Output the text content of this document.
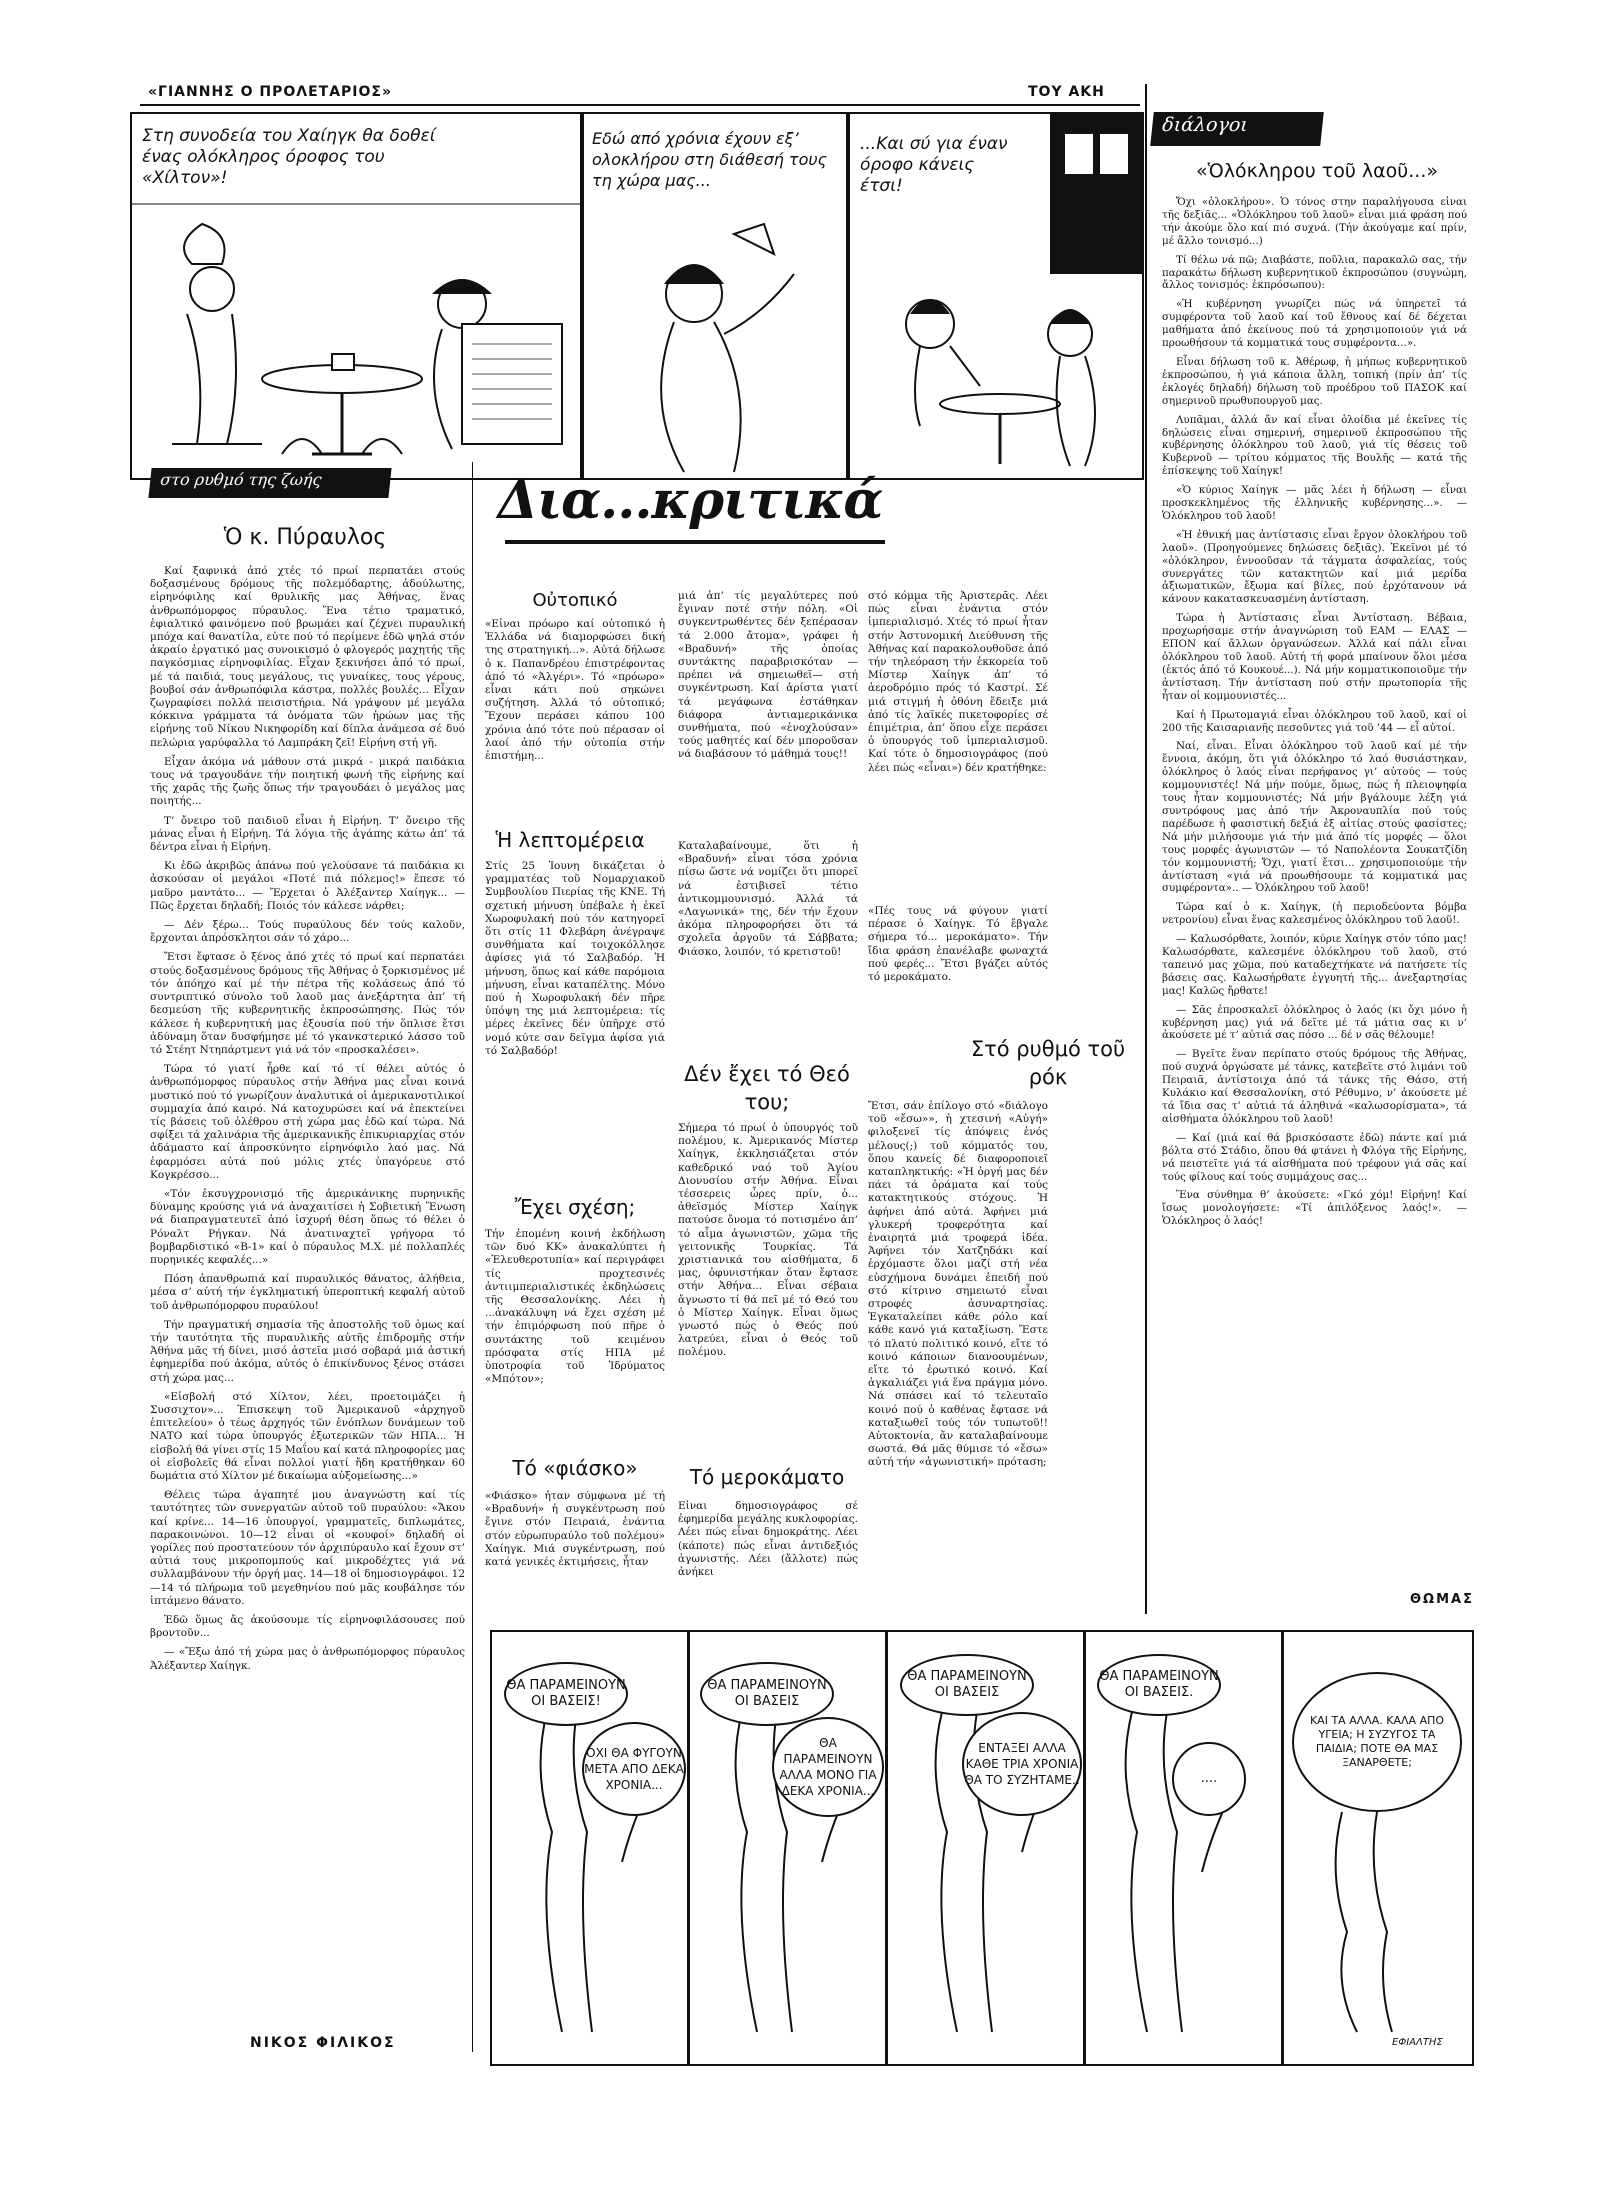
«ΓΙΑΝΝΗΣ Ο ΠΡΟΛΕΤΑΡΙΟΣ»	ΤΟΥ ΑΚΗ
Στη συνοδεία του Χαίηγκ θα δοθεί ένας ολόκληρος όροφος του «Χίλτον»!
Εδώ από χρόνια έχουν εξ’ ολοκλήρου στη διάθεσή τους τη χώρα μας...
...Και σύ για έναν όροφο κάνεις έτσι!
διάλογοι
στο ρυθμό της ζωής
Ὁ κ. Πύραυλος

Καί ξαφνικά ἀπό χτές τό πρωί περπατάει στούς δοξασμένους δρόμους τῆς πολεμόδαρτης, ἀδούλωτης, εἰρηνόφιλης καί θρυλικῆς μας Ἀθήνας, ἕνας ἀνθρωπόμορφος πύραυλος. Ἕνα τέτιο τραματικό, ἐφιαλτικό φαινόμενο πού βρωμάει καί ζέχνει πυραυλική μπόχα καί θανατίλα, εὐτε πού τό περίμενε ἐδῶ ψηλά στόν ἀκραίο ἐργατικό μας συνοικισμό ὁ φλογερός μαχητής τῆς παγκόσμιας εἰρηνοφιλίας. Εἶχαν ξεκινήσει ἀπό τό πρωί, μέ τά παιδιά, τους μεγάλους, τις γυναίκες, τους γέρους, βουβοί σάν ἀνθρωπόφιλα κάστρα, πολλές βουλές... Εἶχαν ζωγραφίσει πολλά πεισιστήρια. Νά γράψουν μέ μεγάλα κόκκινα γράμματα τά ὀνόματα τῶν ἡρώων μας τῆς εἰρήνης τοῦ Νίκου Νικηφορίδη καί δίπλα ἀνάμεσα σέ δυό πελώρια γαρύφαλλα τό Λαμπράκη ζεῖ! Εἰρήνη στή γῆ.

Εἶχαν ἀκόμα νά μάθουν στά μικρά - μικρά παιδάκια τους νά τραγουδάνε τήν ποιητική φωνή τῆς εἰρήνης καί τῆς χαρᾶς τῆς ζωῆς ὅπως τήν τραγουδάει ὁ μεγάλος μας ποιητής...

Τ’ ὄνειρο τοῦ παιδιοῦ εἶναι ἡ Εἰρήνη. Τ’ ὄνειρο τῆς μάνας εἶναι ἡ Εἰρήνη. Τά λόγια τῆς ἀγάπης κάτω ἀπ’ τά δέντρα εἶναι ἡ Εἰρήνη.

Κι ἐδῶ ἀκριβῶς ἀπάνω πού γελούσανε τά παιδάκια κι ἀσκούσαν οἱ μεγάλοι «Ποτέ πιά πόλεμος!» ἔπεσε τό μαῦρο μαντάτο... — Ἔρχεται ὁ Ἀλέξαντερ Χαίηγκ... — Πῶς ἔρχεται δηλαδή; Ποιός τόν κάλεσε νάρθει;

— Δέν ξέρω... Τούς πυραύλους δέν τούς καλοῦν, ἔρχονται ἀπρόσκλητοι σάν τό χάρο...

Ἔτσι ἔφτασε ὁ ξένος ἀπό χτές τό πρωί καί περπατάει στούς δοξασμένους δρόμους τῆς Ἀθήνας ὁ ξορκισμένος μέ τόν ἀπόηχο καί μέ τήν πέτρα τῆς κολάσεως ἀπό τό συντριπτικό σύνολο τοῦ λαοῦ μας ἀνεξάρτητα ἀπ’ τή δεσμεύση τῆς κυβερνητικῆς ἐκπροσώπησης. Πώς τόν κάλεσε ἡ κυβερνητική μας ἐξουσία πού τήν ὅπλισε ἔτσι ἀδύναμη ὅταν δυσφήμησε μέ τό γκανκστερικό λάσσο τοῦ τό Στέητ Ντηπάρτμεντ γιά νά τόν «προσκαλέσει».

Τώρα τό γιατί ἦρθε καί τό τί θέλει αὐτός ὁ ἀνθρωπόμορφος πύραυλος στήν Ἀθήνα μας εἶναι κοινά μυστικό πού τό γνωρίζουν ἀναλυτικά οἱ ἀμερικανοτιλικοί συμμαχία ἀπό καιρό. Νά κατοχυρώσει καί νά ἐπεκτείνει τίς βάσεις τοῦ ὀλέθρου στή χώρα μας ἐδῶ καί τώρα. Νά σφίξει τά χαλινάρια τῆς ἀμερικανικῆς ἐπικυριαρχίας στόν ἀδάμαστο καί ἀπροσκύνητο εἰρηνόφιλο λαό μας. Νά ἐφαρμόσει αὐτά πού μόλις χτές ὑπαγόρευε στό Κογκρέσσο...

«Τόν ἐκσυγχρονισμό τῆς ἀμερικάνικης πυρηνικῆς δύναμης κρούσης γιά νά ἀναχαιτίσει ἡ Σοβιετική Ἕνωση νά διαπραγματευτεῖ ἀπό ἰσχυρή θέση ὅπως τό θέλει ὁ Ρόναλτ Ρήγκαν. Νά ἀνατιναχτεῖ γρήγορα τό βομβαρδιστικό «Β-1» καί ὁ πύραυλος Μ.Χ. μέ πολλαπλές πυρηνικές κεφαλές...»

Πόση ἀπανθρωπιά καί πυραυλικός θάνατος, ἀλήθεια, μέσα σ’ αὐτή τήν ἐγκληματική ὑπεροπτική κεφαλή αὐτοῦ τοῦ ἀνθρωπόμορφου πυραύλου!

Τήν πραγματική σημασία τῆς ἀποστολῆς τοῦ ὁμως καί τήν ταυτότητα τῆς πυραυλικῆς αὐτῆς ἐπιδρομῆς στήν Ἀθήνα μᾶς τή δίνει, μισό ἀστεῖα μισό σοβαρά μιά ἀστική ἐφημερίδα πού ἀκόμα, αὐτός ὁ ἐπικίνδυνος ξένος στάσει στή χώρα μας...

«Εἰσβολή στό Χίλτον, λέει, προετοιμάζει ἡ Συσσιχτον»... Ἐπισκεψη τοῦ Ἀμερικανοῦ «ἀρχηγοῦ ἐπιτελείου» ὁ τέως ἀρχηγός τῶν ἐνόπλων δυνάμεων τοῦ ΝΑΤΟ καί τώρα ὑπουργός ἐξωτερικῶν τῶν ΗΠΑ... Ἡ εἰσβολή θά γίνει στίς 15 Μαΐου καί κατά πληροφορίες μας οἱ εἰσβολεῖς θά εἶναι πολλοί γιατί ἤδη κρατήθηκαν 60 δωμάτια στό Χίλτον μέ δικαίωμα αὐξομείωσης...»

Θέλεις τώρα ἀγαπητέ μου ἀναγνώστη καί τίς ταυτότητες τῶν συνεργατῶν αὐτοῦ τοῦ πυραύλου: «Ἄκου καί κρίνε... 14—16 ὑπουργοί, γραμματεῖς, διπλωμάτες, παρακοινώνοι. 10—12 εἶναι οἱ «κουφοί» δηλαδή οἱ γορίλες πού προστατεύουν τόν ἀρχιπύραυλο καί ἔχουν στ’ αὐτιά τους μικροπομπούς καί μικροδέχτες γιά νά συλλαμβάνουν τήν ὀργή μας. 14—18 οἱ δημοσιογράφοι. 12—14 τό πλήρωμα τοῦ μεγεθηνίου πού μᾶς κουβάλησε τόν ἱπτάμενο θάνατο.

Ἐδῶ ὅμως ἄς ἀκούσουμε τίς εἰρηνοφιλάσουσες πού βροντοῦν...

— «Ἔξω ἀπό τή χώρα μας ὁ ἀνθρωπόμορφος πύραυλος Ἀλέξαντερ Χαίηγκ.

ΝΙΚΟΣ ΦΙΛΙΚΟΣ
Δια...κριτικά
Οὐτοπικό
«Εἶναι πρόωρο καί οὐτοπικό ἡ Ἑλλάδα νά διαμορφώσει δική της στρατηγική...». Αὐτά δήλωσε ὁ κ. Παπανδρέου ἐπιστρέφοντας ἀπό τό «Ἀλγέρι». Τό «πρόωρο» εἶναι κάτι πού σηκώνει συζήτηση. Ἀλλά τό οὐτοπικό; Ἔχουν περάσει κάπου 100 χρόνια ἀπό τότε πού πέρασαν οἱ λαοί ἀπό τήν οὐτοπία στήν ἐπιστήμη...
Ἡ λεπτομέρεια
Στίς 25 Ἰουνη δικάζεται ὁ γραμματέας τοῦ Νομαρχιακοῦ Συμβουλίου Πιερίας τῆς ΚΝΕ. Τή σχετική μήνυση ὑπέβαλε ἡ ἐκεῖ Χωροφυλακή πού τόν κατηγορεῖ ὅτι στίς 11 Φλεβάρη ἀνέγραψε συνθήματα καί τοιχοκόλλησε ἀφίσες γιά τό Σαλβαδόρ. Ἡ μήνυση, ὅπως καί κάθε παρόμοια μήνυση, εἶναι καταπέλτης. Μόνο πού ἡ Χωροφυλακή δέν πῆρε ὑπόψη της μιά λεπτομέρεια: τίς μέρες ἐκεῖνες δέν ὑπῆρχε στό νομό κύτε σαν δεῖγμα ἀφίσα γιά τό Σαλβαδόρ!
Ἔχει σχέση;
Τήν ἐπομένη κοινή ἐκδήλωση τῶν δυό ΚΚ» ἀνακαλύπτει ἡ «Ἐλευθεροτυπία» καί περιγράφει τίς προχτεσινές ἀντιιμπεριαλιστικές ἐκδηλώσεις τῆς Θεσσαλονίκης. Λέει ἡ ...ἀνακάλυψη νά ἔχει σχέση μέ τήν ἐπιμόρφωση πού πῆρε ὁ συντάκτης τοῦ κειμένου πρόσφατα στίς ΗΠΑ μέ ὑποτροφία τοῦ Ἱδρύματος «Μπότον»;
Τό «φιάσκο»
«Φιάσκο» ἦταν σύμφωνα μέ τή «Βραδυνή» ἡ συγκέντρωση πού ἔγινε στόν Πειραιά, ἐνάντια στόν εὐρωπυραύλο τοῦ πολέμου» Χαίηγκ. Μιά συγκέντρωση, πού κατά γενικές ἐκτιμήσεις, ἦταν
μιά ἀπ’ τίς μεγαλύτερες πού ἔγιναν ποτέ στήν πόλη. «Οἱ συγκεντρωθέντες δέν ξεπέρασαν τά 2.000 ἄτομα», γράφει ἡ «Βραδυνή» τῆς ὁποίας συντάκτης παραβρισκόταν —πρέπει νά σημειωθεῖ— στή συγκέντρωση. Καί ἀρίστα γιατί τά μεγάφωνα ἐστάθηκαν διάφορα ἀντιαμερικάνικα συνθήματα, πού «ἐνοχλούσαν» τούς μαθητές καί δέν μποροῦσαν νά διαβάσουν τό μάθημά τους!!
Καταλαβαίνουμε, ὅτι ἡ «Βραδυνή» εἶναι τόσα χρόνια πίσω ὥστε νά νομίζει ὅτι μπορεῖ νά ἐστιβισεῖ τέτιο ἀντικομμουνισμό. Ἀλλά τά «Λαγωνικά» της, δέν τήν ἔχουν ἀκόμα πληροφορήσει ὅτι τά σχολεῖα ἀργοῦν τά Σάββατα; Φιάσκο, λοιπόν, τό κρετιστοῦ!
Δέν ἔχει τό Θεό του;
Σήμερα τό πρωί ὁ ὑπουργός τοῦ πολέμου, κ. Ἀμερικανός Μίστερ Χαίηγκ, ἐκκλησιάζεται στόν καθεδρικό ναό τοῦ Ἁγίου Διονυσίου στήν Ἀθήνα. Εἶναι τέσσερεις ὧρες πρίν, ὁ... ἀθεϊσμός Μίστερ Χαίηγκ πατούσε ὄνομα τό ποτισμένο ἀπ’ τό αἷμα ἀγωνιστῶν, χῶμα τῆς γειτονικῆς Τουρκίας. Τά χριστιανικά του αἰσθήματα, δ μας, ὀφυνιστήκαν ὅταν ἔφτασε στήν Ἀθήνα... Εἶναι σέβαια ἄγνωστο τί θά πεῖ μέ τό Θεό του ὁ Μίστερ Χαίηγκ. Εἶναι ὅμως γνωστό πώς ὁ Θεός πού λατρεύει, εἶναι ὁ Θεός τοῦ πολέμου.
Τό μεροκάματο
Εἶναι δημοσιογράφος σέ ἐφημερίδα μεγάλης κυκλοφορίας. Λέει πώς εἶναι δημοκράτης. Λέει (κάποτε) πώς εἶναι ἀντιδεξιός ἀγωνιστής. Λέει (ἄλλοτε) πώς ἀνήκει
στό κόμμα τῆς Ἀριστερᾶς. Λέει πώς εἶναι ἐνάντια στόν ἰμπεριαλισμό. Χτές τό πρωί ἦταν στήν Ἀστυνομική Διεύθυνση τῆς Ἀθήνας καί παρακολουθοῦσε ἀπό τήν τηλεόραση τήν ἐκκορεία τοῦ Μίστερ Χαίηγκ ἀπ’ τό ἀεροδρόμιο πρός τό Καστρί. Σέ μιά στιγμή ἡ ὀθόνη ἔδειξε μιά ἀπό τίς λαϊκές πικετοφορίες σέ ἐπιμέτρια, ἀπ’ ὅπου εἶχε περάσει ὁ ὑπουργός τοῦ ἰμπεριαλισμοῦ. Καί τότε ὁ δημοσιογράφος (πού λέει πώς «εἶναι») δέν κρατήθηκε:
«Πές τους νά φύγουν γιατί πέρασε ὁ Χαίηγκ. Τό ἔβγαλε σήμερα τό... μεροκάματο». Τήν ἴδια φράση ἐπανέλαβε φωναχτά πού φερές... Ἔτσι βγάζει αὐτός τό μεροκάματο.
Στό ρυθμό τοῦ ρόκ
Ἔτσι, σάν ἐπίλογο στό «διάλογο τοῦ «ἔσω»», ἡ χτεσινή «Αὐγή» φιλοξενεῖ τίς ἀπόψεις ἑνός μέλους(;) τοῦ κόμματός του, ὅπου κανείς δέ διαφοροποιεῖ καταπληκτικής: «Ἡ ὀργή μας δέν πάει τά ὁράματα καί τούς κατακτητικούς στόχους. Ἡ ἀφήνει ἀπό αὐτά. Ἀφήνει μιά γλυκερή τροφερότητα καί ἐναιρητά μιά τροφερά ἰδέα. Ἀφήνει τόν Χατζηδάκι καί ἐρχόμαστε ὅλοι μαζί στή νέα εὐσχήμονα δυνάμει ἐπειδή πού στό κίτρινο σημειωτό εἶναι στροφές ἀσυναρτησίας. Ἐγκαταλείπει κάθε ρόλο καί κάθε κανό γιά καταξίωση. Ἔστε τό πλατύ πολιτικό κοινό, εἴτε τό κοινό κάποιων διανοουμένων, εἴτε τό ἐρωτικό κοινό. Καί ἀγκαλιάζει γιά ἕνα πράγμα μόνο. Νά σπάσει καί τό τελευταῖο κοινό πού ὁ καθένας ἔφτασε νά καταξιωθεῖ τούς τόν τυπωτοῦ!! Αὐτοκτονία, ἄν καταλαβαίνουμε σωστά. Θά μᾶς θύμισε τό «ἔσω» αὐτή τήν «ἀγωνιστική» πρόταση;
«Ὁλόκληρου τοῦ λαοῦ...»

Ὄχι «ὁλοκλήρου». Ὁ τόνος στην παραλήγουσα εἶναι τῆς δεξιᾶς... «Ὁλόκληρου τοῦ λαοῦ» εἶναι μιά φράση πού τήν ἀκούμε ὅλο καί πιό συχνά. (Τήν ἀκούγαμε καί πρίν, μέ ἄλλο τονισμό...)

Τί θέλω νά πῶ; Διαβάστε, ποῦλια, παρακαλῶ σας, τήν παρακάτω δήλωση κυβερνητικοῦ ἐκπροσώπου (συγνώμη, ἄλλος τονισμός: ἐκπρόσωπου):

«Ἡ κυβέρνηση γνωρίζει πώς νά ὑπηρετεῖ τά συμφέροντα τοῦ λαοῦ καί τοῦ ἔθνους καί δέ δέχεται μαθήματα ἀπό ἐκείνους πού τά χρησιμοποιούν γιά νά προωθήσουν τά κομματικά τους συμφέροντα...».

Εἶναι δήλωση τοῦ κ. Ἀθέρωφ, ἡ μήπως κυβερνητικοῦ ἐκπροσώπου, ἡ γιά κάποια ἄλλη, τοπική (πρίν ἀπ’ τίς ἐκλογές δηλαδή) δήλωση τοῦ προέδρου τοῦ ΠΑΣΟΚ καί σημερινοῦ πρωθυπουργοῦ μας.

Λυπᾶμαι, ἀλλά ἄν καί εἶναι ὁλοίδια μέ ἐκεῖνες τίς δηλώσεις εἶναι σημερινή, σημερινοῦ ἐκπροσώπου τῆς κυβέρνησης ὁλόκληρου τοῦ λαοῦ, γιά τίς θέσεις τοῦ Κυβερνοῦ — τρίτου κόμματος τῆς Βουλῆς — κατά τῆς ἐπίσκεψης τοῦ Χαίηγκ!

«Ὁ κύριος Χαίηγκ — μᾶς λέει ἡ δήλωση — εἶναι προσκεκλημένος τῆς ἑλληνικῆς κυβέρνησης...». — Ὁλόκληρου τοῦ λαοῦ!

«Ἡ ἐθνική μας ἀντίστασις εἶναι ἔργον ὁλοκλήρου τοῦ λαοῦ». (Προηγούμενες δηλώσεις δεξιᾶς). Ἐκεῖνοι μέ τό «ὁλόκληρον, ἐννοοῦσαν τά τάγματα ἀσφαλείας, τούς συνεργάτες τῶν κατακτητῶν καί μιά μερίδα ἀξιωματικῶν, ἔξωμα καί βίλες, πού ἐρχότανουν νά κάνουν κακατασκευασμένη ἀντίσταση.

Τώρα ἡ Ἀντίστασις εἶναι Ἀντίσταση. Βέβαια, προχωρήσαμε στήν ἀναγνώριση τοῦ ΕΑΜ — ΕΛΑΣ — ΕΠΟΝ καί ἄλλων ὀργανώσεων. Ἀλλά καί πάλι εἶναι ὁλόκληρου τοῦ λαοῦ. Αὐτή τή φορά μπαίνουν ὅλοι μέσα (ἐκτός ἀπό τό Κουκουέ...). Νά μήν κομματικοποιοῦμε τήν ἀντίσταση. Τήν ἀντίσταση πού στήν πρωτοπορία τῆς ἦταν οἱ κομμουνιστές...

Καί ἡ Πρωτομαγιά εἶναι ὁλόκληρου τοῦ λαοῦ, καί οἱ 200 τῆς Καισαριανῆς πεσοῦντες γιά τοῦ ’44 — εἶ αὐτοί.

Ναί, εἶναι. Εἶναι ὁλόκληρου τοῦ λαοῦ καί μέ τήν ἔννοια, ἀκόμη, ὅτι γιά ὁλόκληρο τό λαό θυσιάστηκαν, ὁλόκληρος ὁ λαός εἶναι περήφανος γι’ αὐτούς — τούς κομμουνιστές! Νά μήν πούμε, ὅμως, πώς ἡ πλειοψηφία τους ἦταν κομμουνιστές; Νά μήν βγάλουμε λέξη γιά συντρόφους μας ἀπό τήν Ἀκροναυπλία πού τούς παρέδωσε ἡ φασιστική δεξιά ἐξ αἰτίας στούς φασίστες; Νά μήν μιλήσουμε γιά τήν μιά ἀπό τίς μορφές — ὅλοι τους μορφές ἀγωνιστῶν — τό Ναπολέοντα Σουκατζίδη τόν κομμουνιστή; Ὄχι, γιατί ἔτσι... χρησιμοποιούμε τήν ἀντίσταση «γιά νά προωθήσουμε τά κομματικά μας συμφέροντα».. — Ὁλόκληρου τοῦ λαοῦ!

Τώρα καί ὁ κ. Χαίηγκ, (ἡ περιοδεύοντα βόμβα νετρονίου) εἶναι ἕνας καλεσμένος ὁλόκληρου τοῦ λαοῦ!.

— Καλωσόρθατε, λοιπόν, κύριε Χαίηγκ στόν τόπο μας! Καλωσόρθατε, καλεσμένε ὁλόκληρου τοῦ λαοῦ, στό ταπεινό μας χῶμα, πού καταδεχτήκατε νά πατήσετε τίς βάσεις σας. Καλωσήρθατε ἐγγυητή τῆς... ἀνεξαρτησίας μας! Καλῶς ἤρθατε!

— Σᾶς ἐπροσκαλεῖ ὁλόκληρος ὁ λαός (κι ὄχι μόνο ἡ κυβέρνηση μας) γιά νά δεῖτε μέ τά μάτια σας κι ν’ ἀκούσετε μέ τ’ αὐτιά σας πόσο ... δέ ν σᾶς θέλουμε!

— Βγεῖτε ἕναν περίπατο στούς δρόμους τῆς Ἀθήνας, πού συχνά ὀργώσατε μέ τάνκς, κατεβεῖτε στό λιμάνι τοῦ Πειραιᾶ, ἀντίστοιχα ἀπό τά τάνκς τῆς Θάσο, στή Κυλάκιο καί Θεσσαλονίκη, στό Ρέθυμνο, ν’ ἀκούσετε μέ τά ἴδια σας τ’ αὐτιά τά ἀληθινά «καλωσορίσματα», τά αἰσθήματα ὁλόκληρου τοῦ λαοῦ!

— Καί (μιά καί θά βρισκόσαστε ἐδῶ) πάντε καί μιά βόλτα στό Στάδιο, ὅπου θά φτάνει ἡ Φλόγα τῆς Εἰρήνης, νά πειστεῖτε γιά τά αἰσθήματα πού τρέφουν γιά σᾶς καί τούς φίλους καί τούς συμμάχους σας...

Ἕνα σύνθημα θ’ ἀκούσετε: «Γκό χόμ! Εἰρήνη! Καί ἴσως μονολογήσετε: «Τί ἀπιλόξενος λαός!». — Ὁλόκληρος ὁ λαός!

ΘΩΜΑΣ
ΘΑ ΠΑΡΑΜΕΙΝΟΥΝ ΟΙ ΒΑΣΕΙΣ!
ΟΧΙ ΘΑ ΦΥΓΟΥΝ ΜΕΤΑ ΑΠΟ ΔΕΚΑ ΧΡΟΝΙΑ...
ΘΑ ΠΑΡΑΜΕΙΝΟΥΝ ΟΙ ΒΑΣΕΙΣ
ΘΑ ΠΑΡΑΜΕΙΝΟΥΝ ΑΛΛΑ ΜΟΝΟ ΓΙΑ ΔΕΚΑ ΧΡΟΝΙΑ...
ΘΑ ΠΑΡΑΜΕΙΝΟΥΝ ΟΙ ΒΑΣΕΙΣ
ΕΝΤΑΞΕΙ ΑΛΛΑ ΚΑΘΕ ΤΡΙΑ ΧΡΟΝΙΑ ΘΑ ΤΟ ΣΥΖΗΤΑΜΕ..
ΘΑ ΠΑΡΑΜΕΙΝΟΥΝ ΟΙ ΒΑΣΕΙΣ.
....
ΚΑΙ ΤΑ ΑΛΛΑ. ΚΑΛΑ ΑΠΟ ΥΓΕΙΑ; Η ΣΥΖΥΓΟΣ ΤΑ ΠΑΙΔΙΑ; ΠΟΤΕ ΘΑ ΜΑΣ ΞΑΝΑΡΘΕΤΕ;
ΕΦΙΑΛΤΗΣ
